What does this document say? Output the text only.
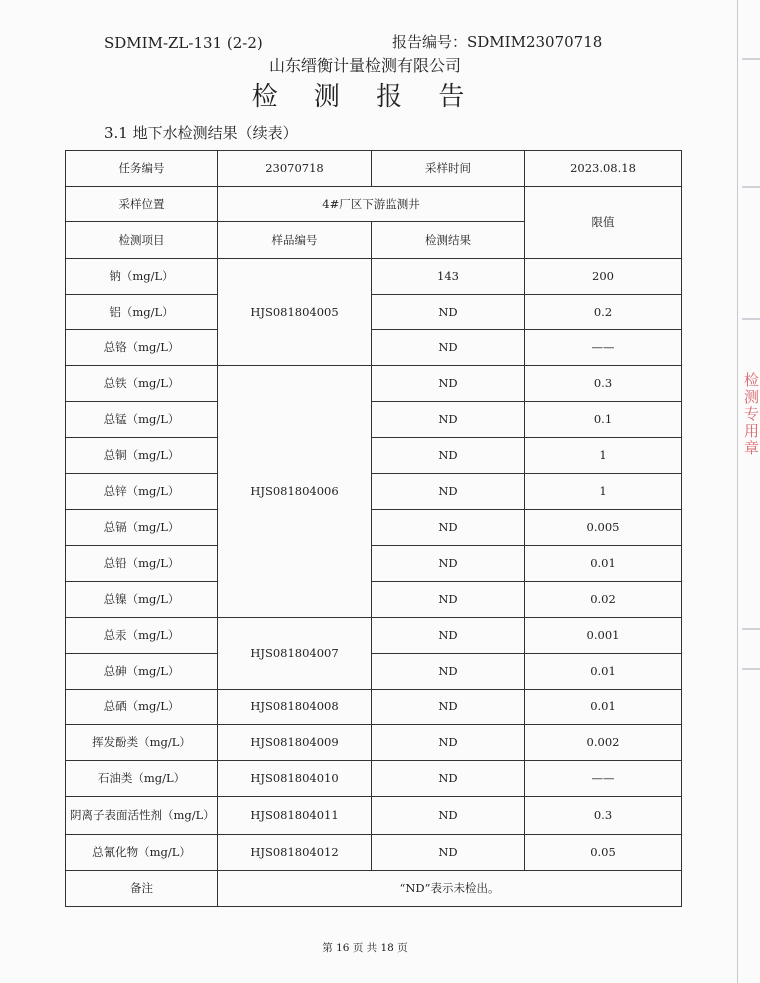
检测专用章
SDMIM-ZL-131 (2-2)	报告编号：SDMIM23070718
山东缙衡计量检测有限公司
检 测 报 告
3.1 地下水检测结果（续表）
任务编号	23070718	采样时间	2023.08.18
采样位置	4#厂区下游监测井		限值
检测项目	样品编号	检测结果	
钠（mg/L）	HJS081804005	143	200
铝（mg/L）		ND	0.2
总铬（mg/L）		ND	——
总铁（mg/L）	HJS081804006	ND	0.3
总锰（mg/L）		ND	0.1
总铜（mg/L）		ND	1
总锌（mg/L）		ND	1
总镉（mg/L）		ND	0.005
总铅（mg/L）		ND	0.01
总镍（mg/L）		ND	0.02
总汞（mg/L）	HJS081804007	ND	0.001
总砷（mg/L）		ND	0.01
总硒（mg/L）	HJS081804008	ND	0.01
挥发酚类（mg/L）	HJS081804009	ND	0.002
石油类（mg/L）	HJS081804010	ND	——
阴离子表面活性剂（mg/L）	HJS081804011	ND	0.3
总氰化物（mg/L）	HJS081804012	ND	0.05
备注	“ND”表示未检出。		
第 16 页 共 18 页
